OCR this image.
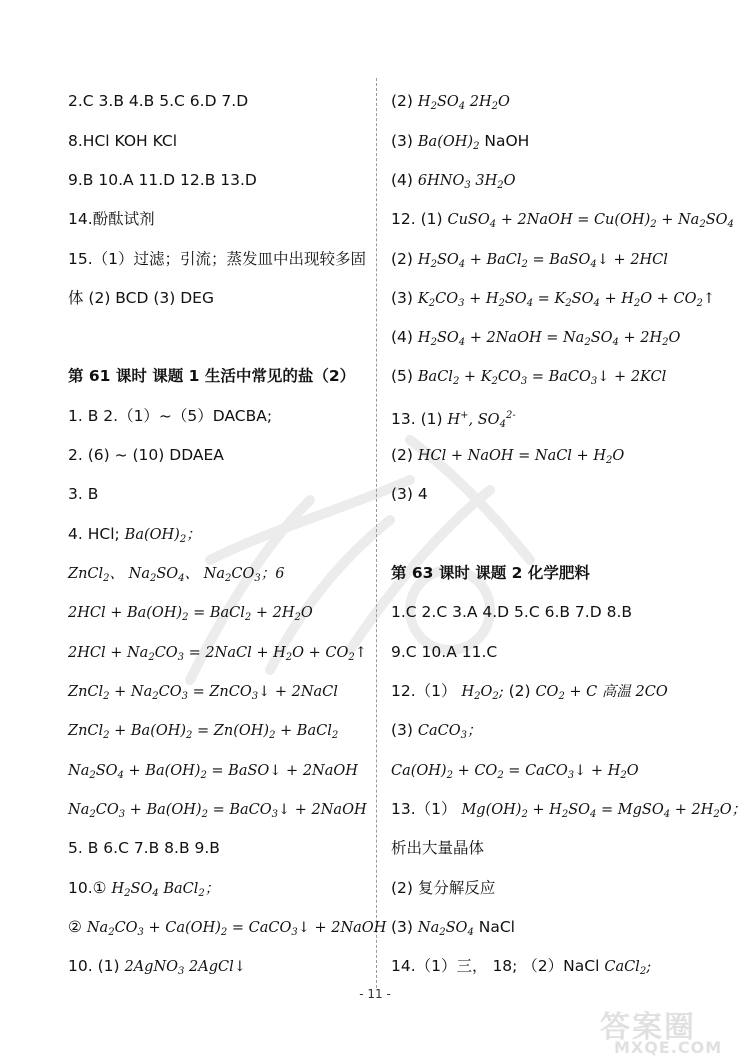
2.C 3.B 4.B 5.C 6.D 7.D
8.HCl KOH KCl
9.B 10.A 11.D 12.B 13.D
14.酚酞试剂
15.（1）过滤；引流；蒸发皿中出现较多固
体 (2) BCD (3) DEG
第 61 课时 课题 1 生活中常见的盐（2）
1. B 2.（1）~（5）DACBA;
2. (6) ~ (10) DDAEA
3. B
4. HCl; $Ba(OH)_2$；
ZnCl$_2$、 $Na_2SO_4$、 $Na_2CO_3$；6
$2HCl + Ba(OH)_2$ = BaCl$_2$ + $2H_2O$
$2HCl + Na_2CO_3$ = 2NaCl + $H_2O$ + $CO_2↑$
ZnCl$_2$ + $Na_2CO_3$ = ZnCO$_3$↓ + 2NaCl
ZnCl$_2$ + $Ba(OH)_2 = Zn(OH)_2$ + BaCl$_2$
$Na_2SO_4 + Ba(OH)_2$ = BaSO↓ + 2NaOH
$Na_2CO_3 + Ba(OH)_2$ = BaCO$_3$↓ + 2NaOH
5. B 6.C 7.B 8.B 9.B
10.① $H_2SO_4$ BaCl$_2$；
② $Na_2CO_3 + Ca(OH)_2$ = CaCO$_3$↓ + 2NaOH
10. (1) 2AgNO$_3$ 2AgCl↓
(2) $H_2SO_4$ $2H_2O$
(3) $Ba(OH)_2$ NaOH
(4) $6HNO_3$ $3H_2O$
12. (1) CuSO$_4$ + 2NaOH = $Cu(OH)_2 + Na_2SO_4$
(2) $H_2SO_4$ + BaCl$_2$ = BaSO$_4$↓ + 2HCl
(3) $K_2CO_3 + H_2SO_4 = K_2SO_4 + H_2O$ + $CO_2↑$
(4) $H_2SO_4$ + 2NaOH = $Na_2SO_4 + 2H_2O$
(5) BaCl$_2$ + $K_2CO_3$ = BaCO$_3$↓ + 2KCl
13. (1) H+, $SO_4^{2-}$
(2) HCl + NaOH = NaCl + $H_2O$
(3) 4
第 63 课时 课题 2 化学肥料
1.C 2.C 3.A 4.D 5.C 6.B 7.D 8.B
9.C 10.A 11.C
12.（1） $H_2O_2$; (2) $CO_2 + C$ 高温 2CO
(3) CaCO$_3$；
$Ca(OH)_2 + CO_2$ = CaCO$_3$↓ + $H_2O$
13.（1） $Mg(OH)_2 + H_2SO_4$ = MgSO$_4$ + $2H_2O$；
析出大量晶体
(2) 复分解反应
(3) $Na_2SO_4$ NaCl
14.（1）三， 18; （2）NaCl CaCl$_2$;
- 11 -
答案圈
MXQE.COM
